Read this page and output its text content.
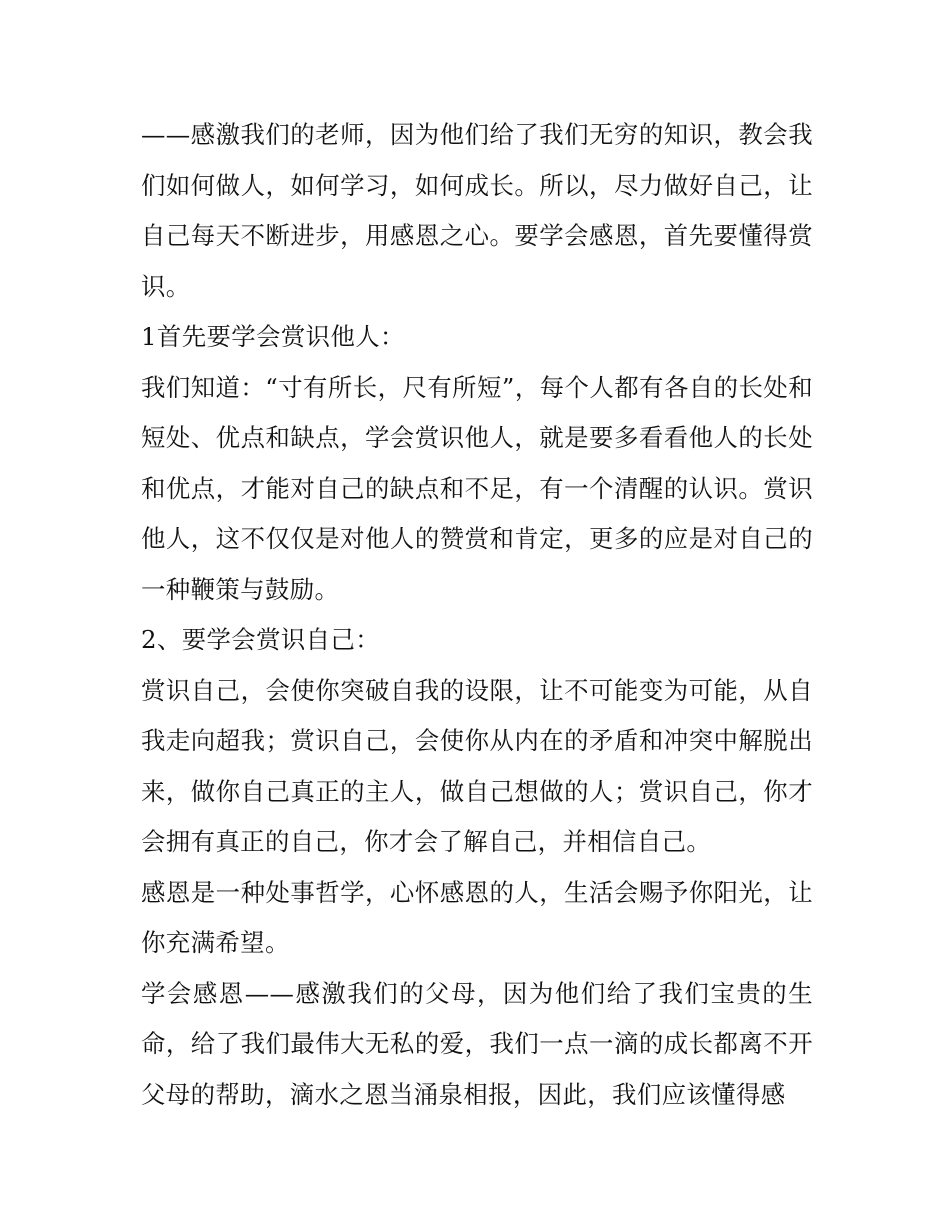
——感激我们的老师，因为他们给了我们无穷的知识，教会我们如何做人，如何学习，如何成长。所以，尽力做好自己，让自己每天不断进步，用感恩之心。要学会感恩，首先要懂得赏识。

1首先要学会赏识他人：

我们知道：“寸有所长，尺有所短”，每个人都有各自的长处和短处、优点和缺点，学会赏识他人，就是要多看看他人的长处和优点，才能对自己的缺点和不足，有一个清醒的认识。赏识他人，这不仅仅是对他人的赞赏和肯定，更多的应是对自己的一种鞭策与鼓励。

2、要学会赏识自己：

赏识自己，会使你突破自我的设限，让不可能变为可能，从自我走向超我；赏识自己，会使你从内在的矛盾和冲突中解脱出来，做你自己真正的主人，做自己想做的人；赏识自己，你才会拥有真正的自己，你才会了解自己，并相信自己。

感恩是一种处事哲学，心怀感恩的人，生活会赐予你阳光，让你充满希望。

学会感恩——感激我们的父母，因为他们给了我们宝贵的生命，给了我们最伟大无私的爱，我们一点一滴的成长都离不开父母的帮助，滴水之恩当涌泉相报，因此，我们应该懂得感
